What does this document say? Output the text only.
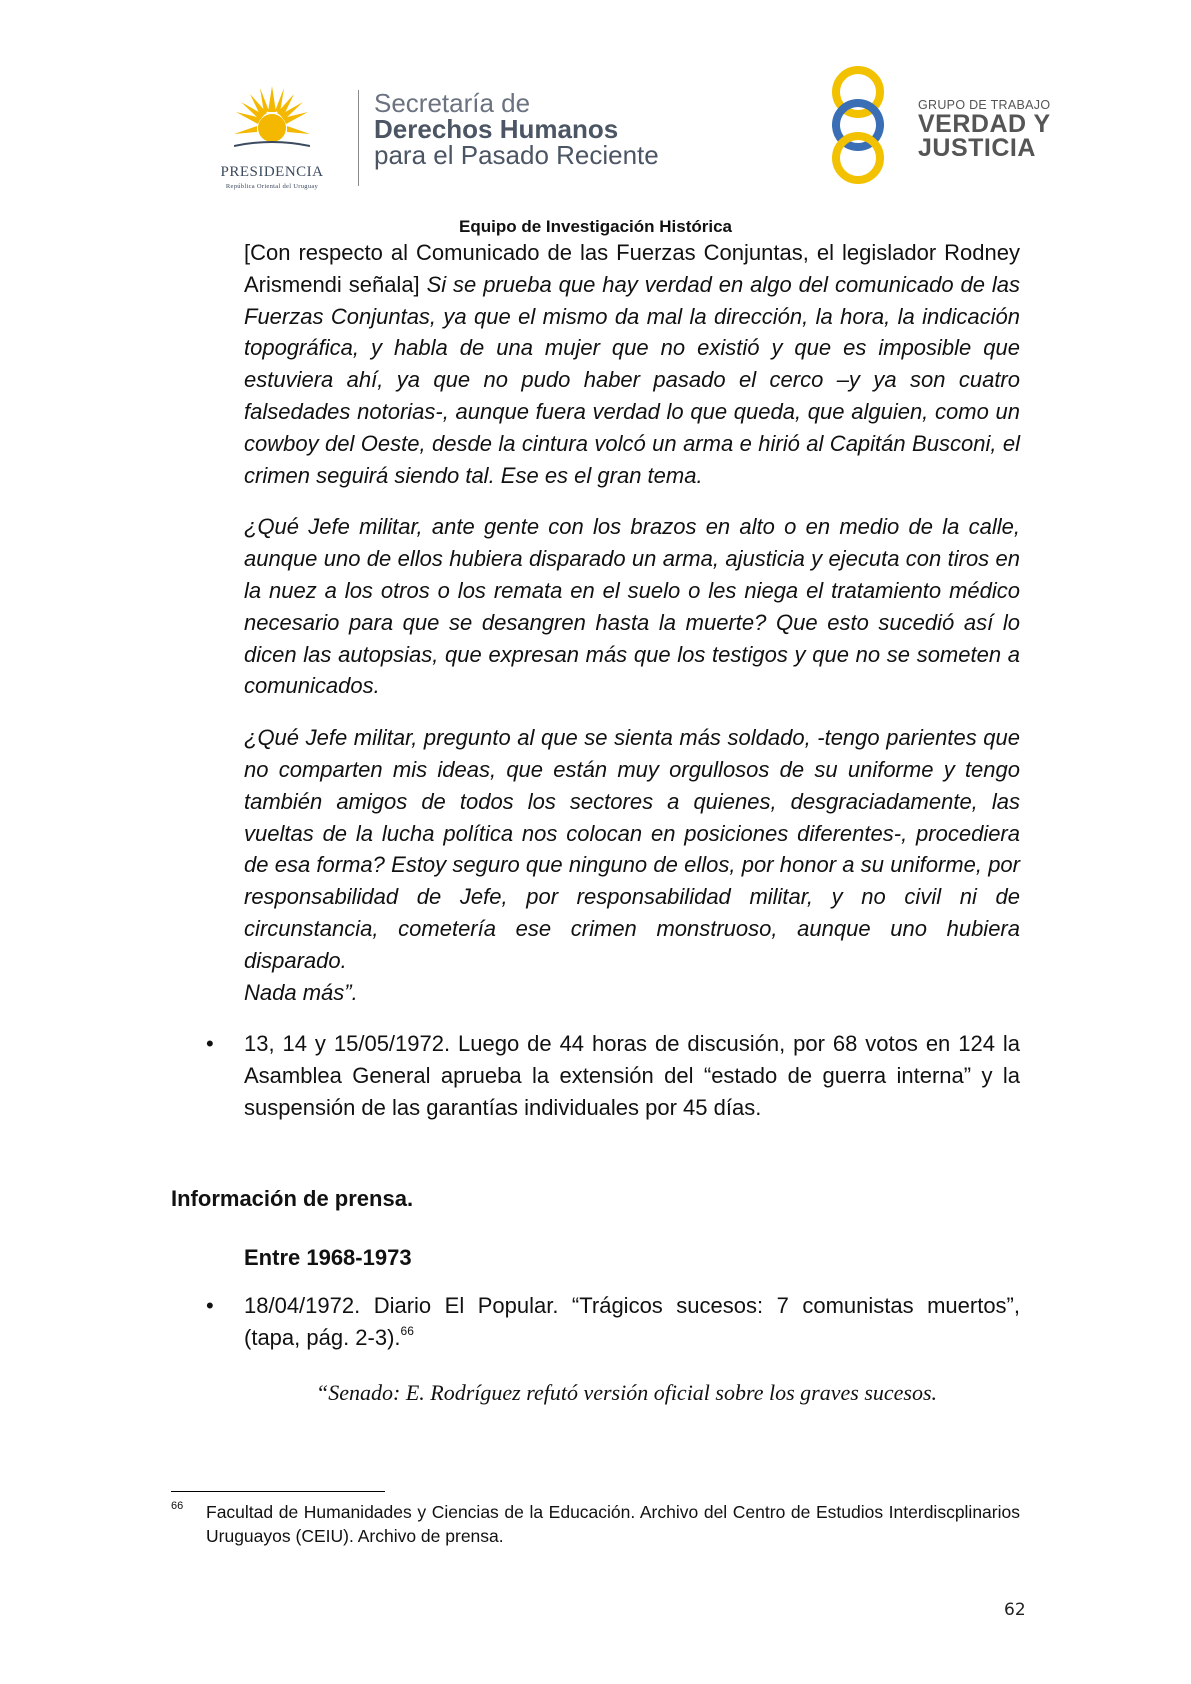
PRESIDENCIA
República Oriental del Uruguay
Secretaría de
Derechos Humanos
para el Pasado Reciente
GRUPO DE TRABAJO
VERDAD Y
JUSTICIA
Equipo de Investigación Histórica

[Con respecto al Comunicado de las Fuerzas Conjuntas, el legislador Rodney Arismendi señala] Si se prueba que hay verdad en algo del comunicado de las Fuerzas Conjuntas, ya que el mismo da mal la dirección, la hora, la indicación topográfica, y habla de una mujer que no existió y que es imposible que estuviera ahí, ya que no pudo haber pasado el cerco –y ya son cuatro falsedades notorias-, aunque fuera verdad lo que queda, que alguien, como un cowboy del Oeste, desde la cintura volcó un arma e hirió al Capitán Busconi, el crimen seguirá siendo tal. Ese es el gran tema.

¿Qué Jefe militar, ante gente con los brazos en alto o en medio de la calle, aunque uno de ellos hubiera disparado un arma, ajusticia y ejecuta con tiros en la nuez a los otros o los remata en el suelo o les niega el tratamiento médico necesario para que se desangren hasta la muerte? Que esto sucedió así lo dicen las autopsias, que expresan más que los testigos y que no se someten a comunicados.

¿Qué Jefe militar, pregunto al que se sienta más soldado, -tengo parientes que no comparten mis ideas, que están muy orgullosos de su uniforme y tengo también amigos de todos los sectores a quienes, desgraciadamente, las vueltas de la lucha política nos colocan en posiciones diferentes-, procediera de esa forma? Estoy seguro que ninguno de ellos, por honor a su uniforme, por responsabilidad de Jefe, por responsabilidad militar, y no civil ni de circunstancia, cometería ese crimen monstruoso, aunque uno hubiera disparado.

Nada más”.

• 13, 14 y 15/05/1972. Luego de 44 horas de discusión, por 68 votos en 124 la Asamblea General aprueba la extensión del “estado de guerra interna” y la suspensión de las garantías individuales por 45 días.
Información de prensa.
Entre 1968-1973
• 18/04/1972. Diario El Popular. “Trágicos sucesos: 7 comunistas muertos”, (tapa, pág. 2-3).$^{66}$
“Senado: E. Rodríguez refutó versión oficial sobre los graves sucesos.
66 Facultad de Humanidades y Ciencias de la Educación. Archivo del Centro de Estudios Interdiscplinarios Uruguayos (CEIU). Archivo de prensa.
62
